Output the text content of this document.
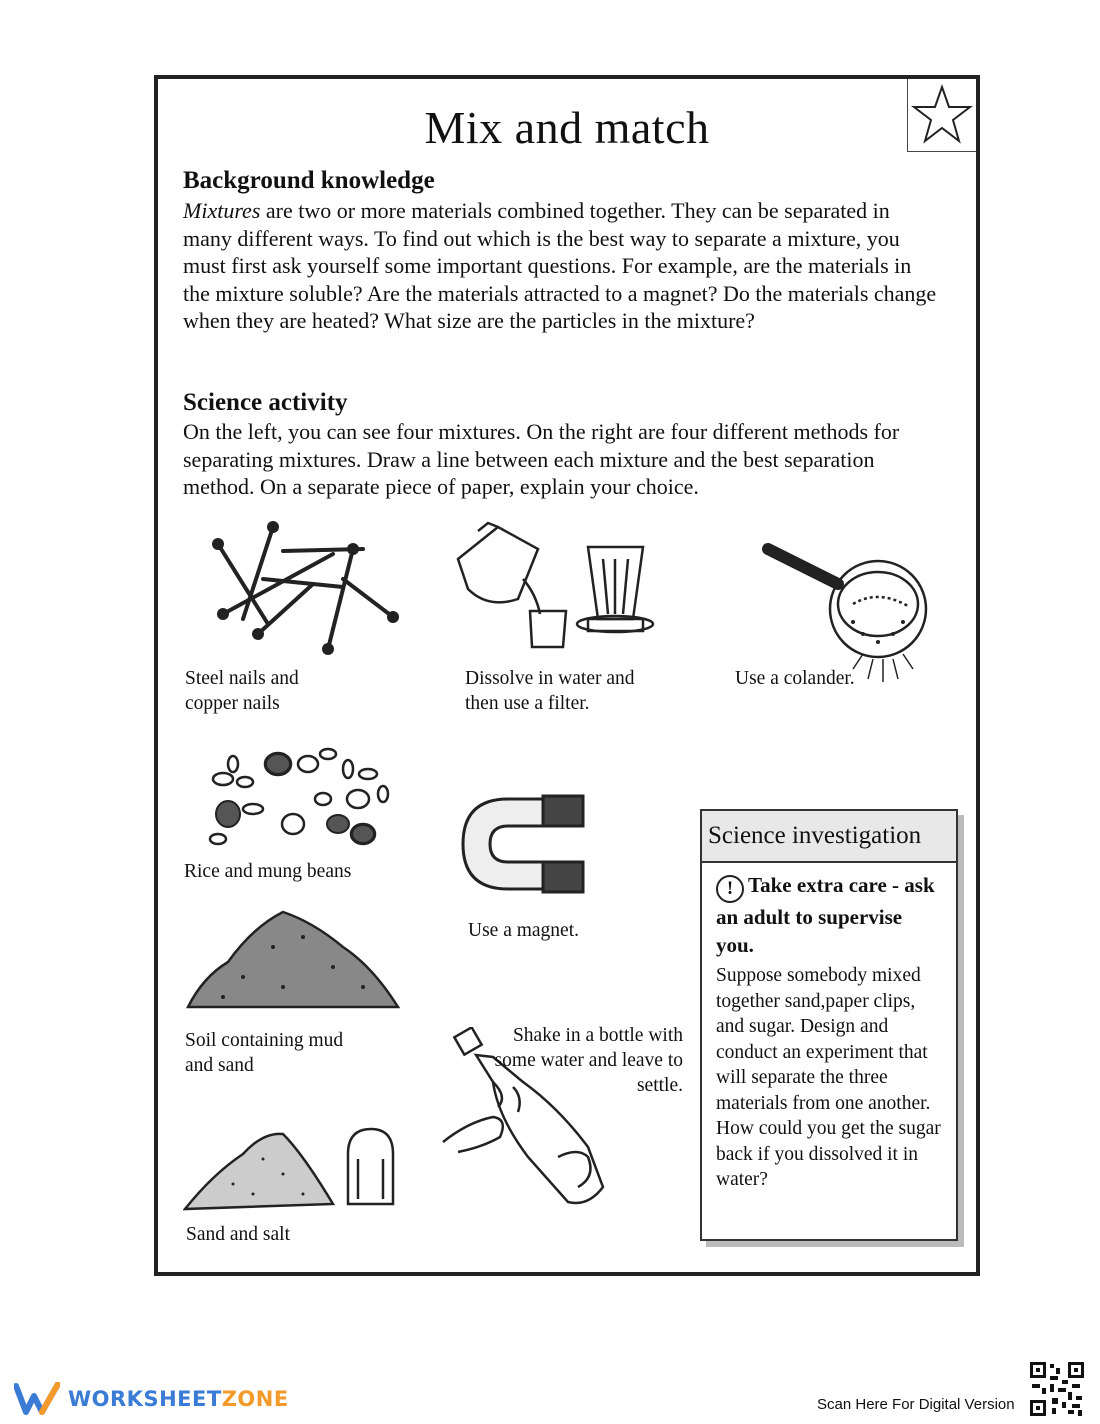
Mix and match
Background knowledge
Mixtures are two or more materials combined together. They can be separated in many different ways. To find out which is the best way to separate a mixture, you must first ask yourself some important questions. For example, are the materials in the mixture soluble? Are the materials attracted to a magnet? Do the materials change when they are heated? What size are the particles in the mixture?
Science activity
On the left, you can see four mixtures. On the right are four different methods for separating mixtures. Draw a line between each mixture and the best separation method. On a separate piece of paper, explain your choice.
Steel nails and copper nails
Dissolve in water and then use a filter.
Use a colander.
Rice and mung beans
Use a magnet.
Soil containing mud and sand
Shake in a bottle with some water and leave to settle.
Sand and salt
Science investigation
! Take extra care - ask an adult to supervise you.
Suppose somebody mixed together sand,paper clips, and sugar. Design and conduct an experiment that will separate the three materials from one another. How could you get the sugar back if you dissolved it in water?
WORKSHEETZONE	Scan Here For Digital Version
